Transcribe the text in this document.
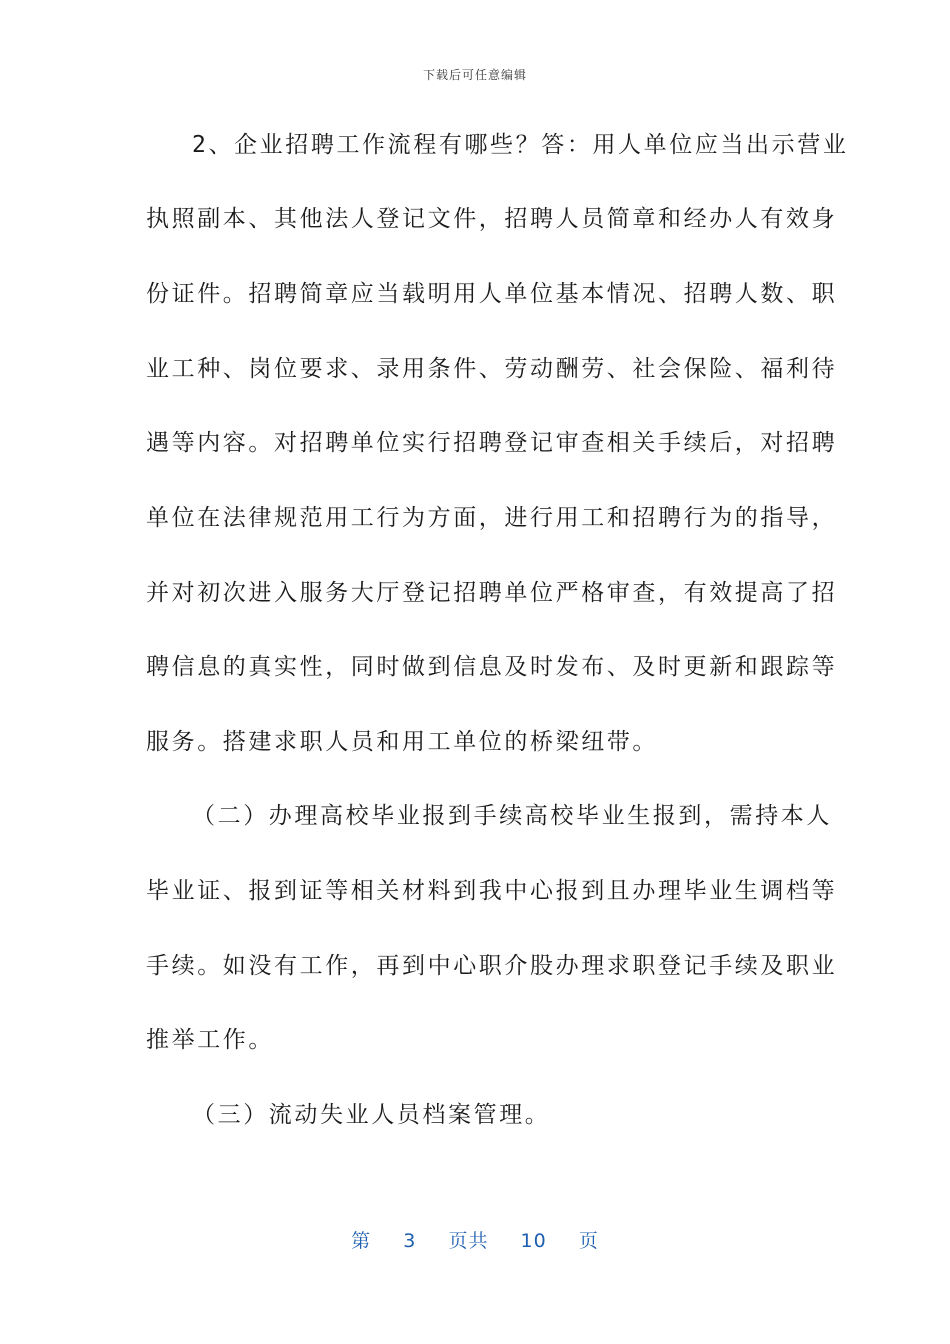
下载后可任意编辑
2、企业招聘工作流程有哪些？答：用人单位应当出示营业
执照副本、其他法人登记文件，招聘人员简章和经办人有效身
份证件。招聘简章应当载明用人单位基本情况、招聘人数、职
业工种、岗位要求、录用条件、劳动酬劳、社会保险、福利待
遇等内容。对招聘单位实行招聘登记审查相关手续后，对招聘
单位在法律规范用工行为方面，进行用工和招聘行为的指导，
并对初次进入服务大厅登记招聘单位严格审查，有效提高了招
聘信息的真实性，同时做到信息及时发布、及时更新和跟踪等
服务。搭建求职人员和用工单位的桥梁纽带。
（二）办理高校毕业报到手续高校毕业生报到，需持本人
毕业证、报到证等相关材料到我中心报到且办理毕业生调档等
手续。如没有工作，再到中心职介股办理求职登记手续及职业
推举工作。
（三）流动失业人员档案管理。
第 3 页共 10 页
